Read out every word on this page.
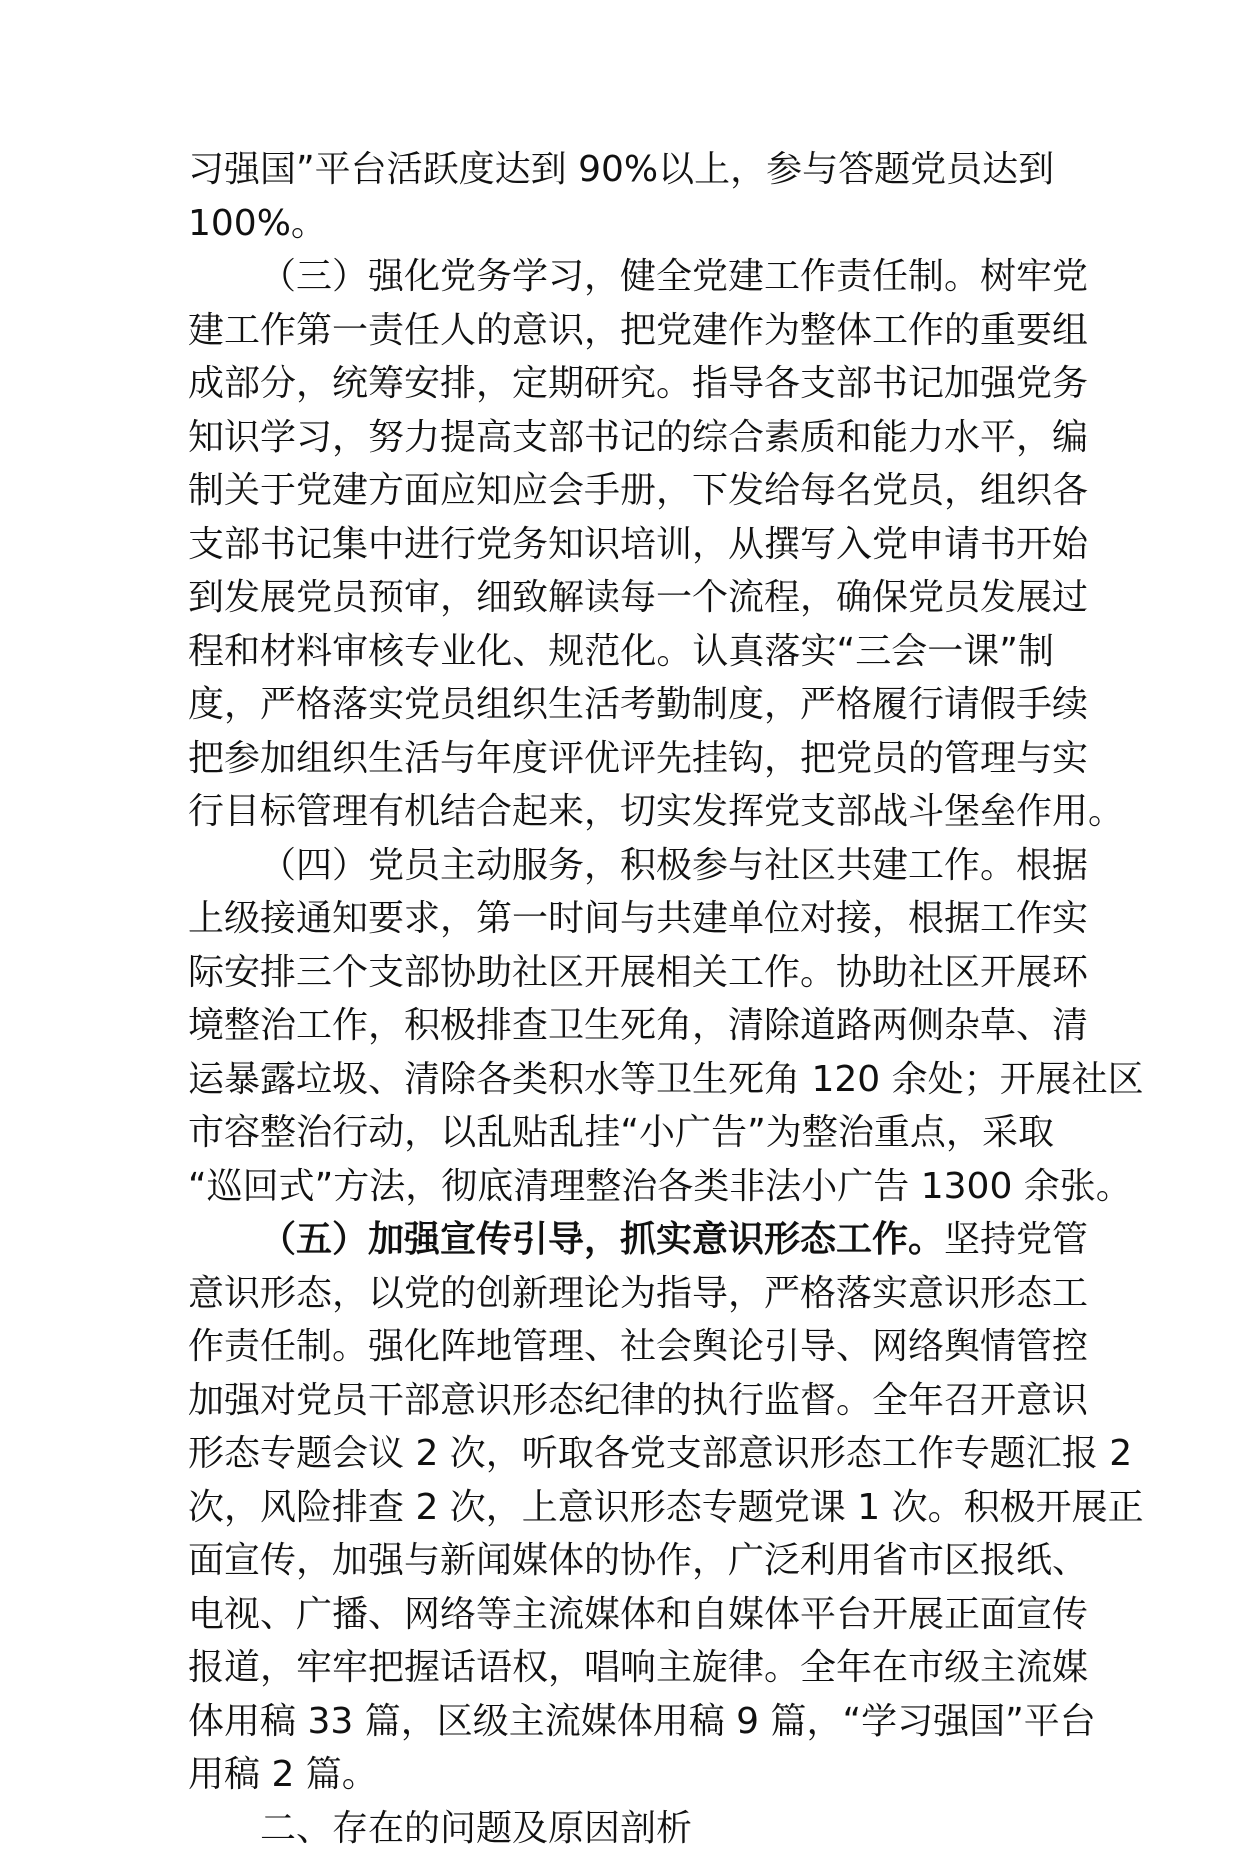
习强国”平台活跃度达到 90%以上，参与答题党员达到
100%。
（三）强化党务学习，健全党建工作责任制。树牢党
建工作第一责任人的意识，把党建作为整体工作的重要组
成部分，统筹安排，定期研究。指导各支部书记加强党务
知识学习，努力提高支部书记的综合素质和能力水平，编
制关于党建方面应知应会手册，下发给每名党员，组织各
支部书记集中进行党务知识培训，从撰写入党申请书开始
到发展党员预审，细致解读每一个流程，确保党员发展过
程和材料审核专业化、规范化。认真落实“三会一课”制
度，严格落实党员组织生活考勤制度，严格履行请假手续
把参加组织生活与年度评优评先挂钩，把党员的管理与实
行目标管理有机结合起来，切实发挥党支部战斗堡垒作用。
（四）党员主动服务，积极参与社区共建工作。根据
上级接通知要求，第一时间与共建单位对接，根据工作实
际安排三个支部协助社区开展相关工作。协助社区开展环
境整治工作，积极排查卫生死角，清除道路两侧杂草、清
运暴露垃圾、清除各类积水等卫生死角 120 余处；开展社区
市容整治行动，以乱贴乱挂“小广告”为整治重点，采取
“巡回式”方法，彻底清理整治各类非法小广告 1300 余张。
（五）加强宣传引导，抓实意识形态工作。坚持党管
意识形态，以党的创新理论为指导，严格落实意识形态工
作责任制。强化阵地管理、社会舆论引导、网络舆情管控
加强对党员干部意识形态纪律的执行监督。全年召开意识
形态专题会议 2 次，听取各党支部意识形态工作专题汇报 2
次，风险排查 2 次，上意识形态专题党课 1 次。积极开展正
面宣传，加强与新闻媒体的协作，广泛利用省市区报纸、
电视、广播、网络等主流媒体和自媒体平台开展正面宣传
报道，牢牢把握话语权，唱响主旋律。全年在市级主流媒
体用稿 33 篇，区级主流媒体用稿 9 篇，“学习强国”平台
用稿 2 篇。
二、存在的问题及原因剖析
